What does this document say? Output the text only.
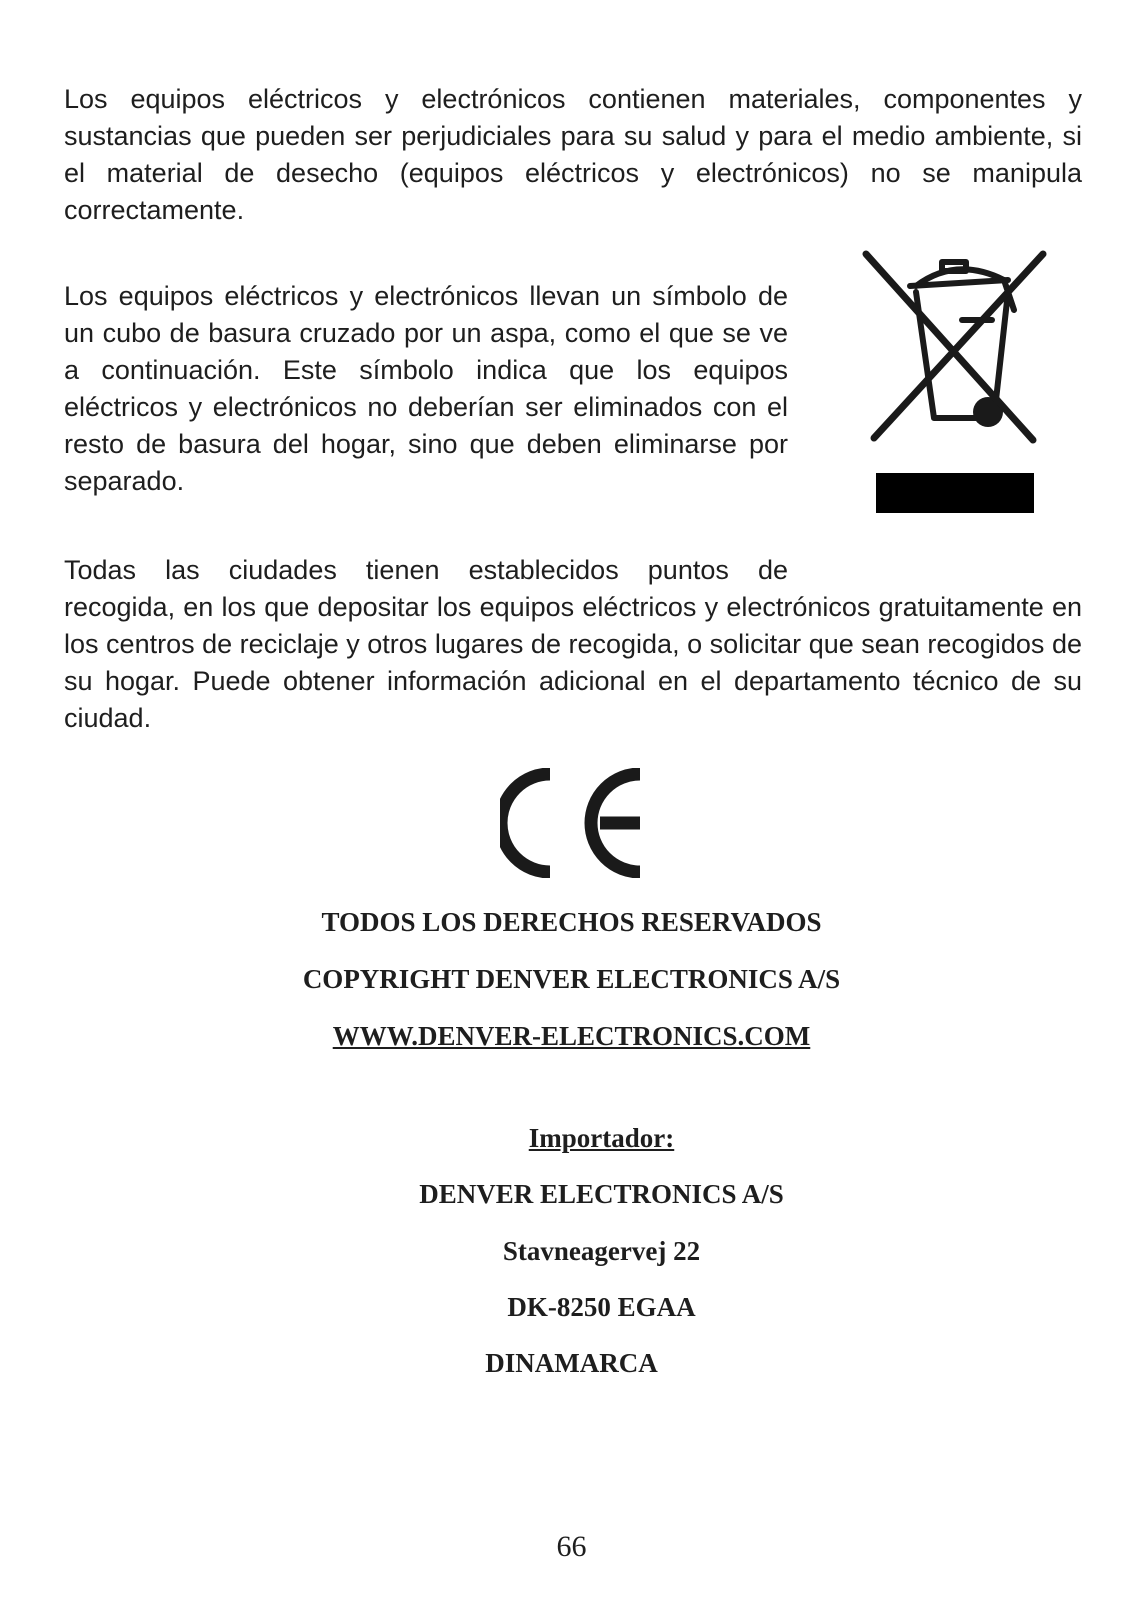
Los equipos eléctricos y electrónicos contienen materiales, componentes y sustancias que pueden ser perjudiciales para su salud y para el medio ambiente, si el material de desecho (equipos eléctricos y electrónicos) no se manipula correctamente.

Los equipos eléctricos y electrónicos llevan un símbolo de un cubo de basura cruzado por un aspa, como el que se ve a continuación. Este símbolo indica que los equipos eléctricos y electrónicos no deberían ser eliminados con el resto de basura del hogar, sino que deben eliminarse por separado.

Todas las ciudades tienen establecidos puntos de

recogida, en los que depositar los equipos eléctricos y electrónicos gratuitamente en los centros de reciclaje y otros lugares de recogida, o solicitar que sean recogidos de su hogar. Puede obtener información adicional en el departamento técnico de su ciudad.

TODOS LOS DERECHOS RESERVADOS

COPYRIGHT DENVER ELECTRONICS A/S

WWW.DENVER-ELECTRONICS.COM

Importador:

DENVER ELECTRONICS A/S

Stavneagervej 22

DK-8250 EGAA

DINAMARCA

66
